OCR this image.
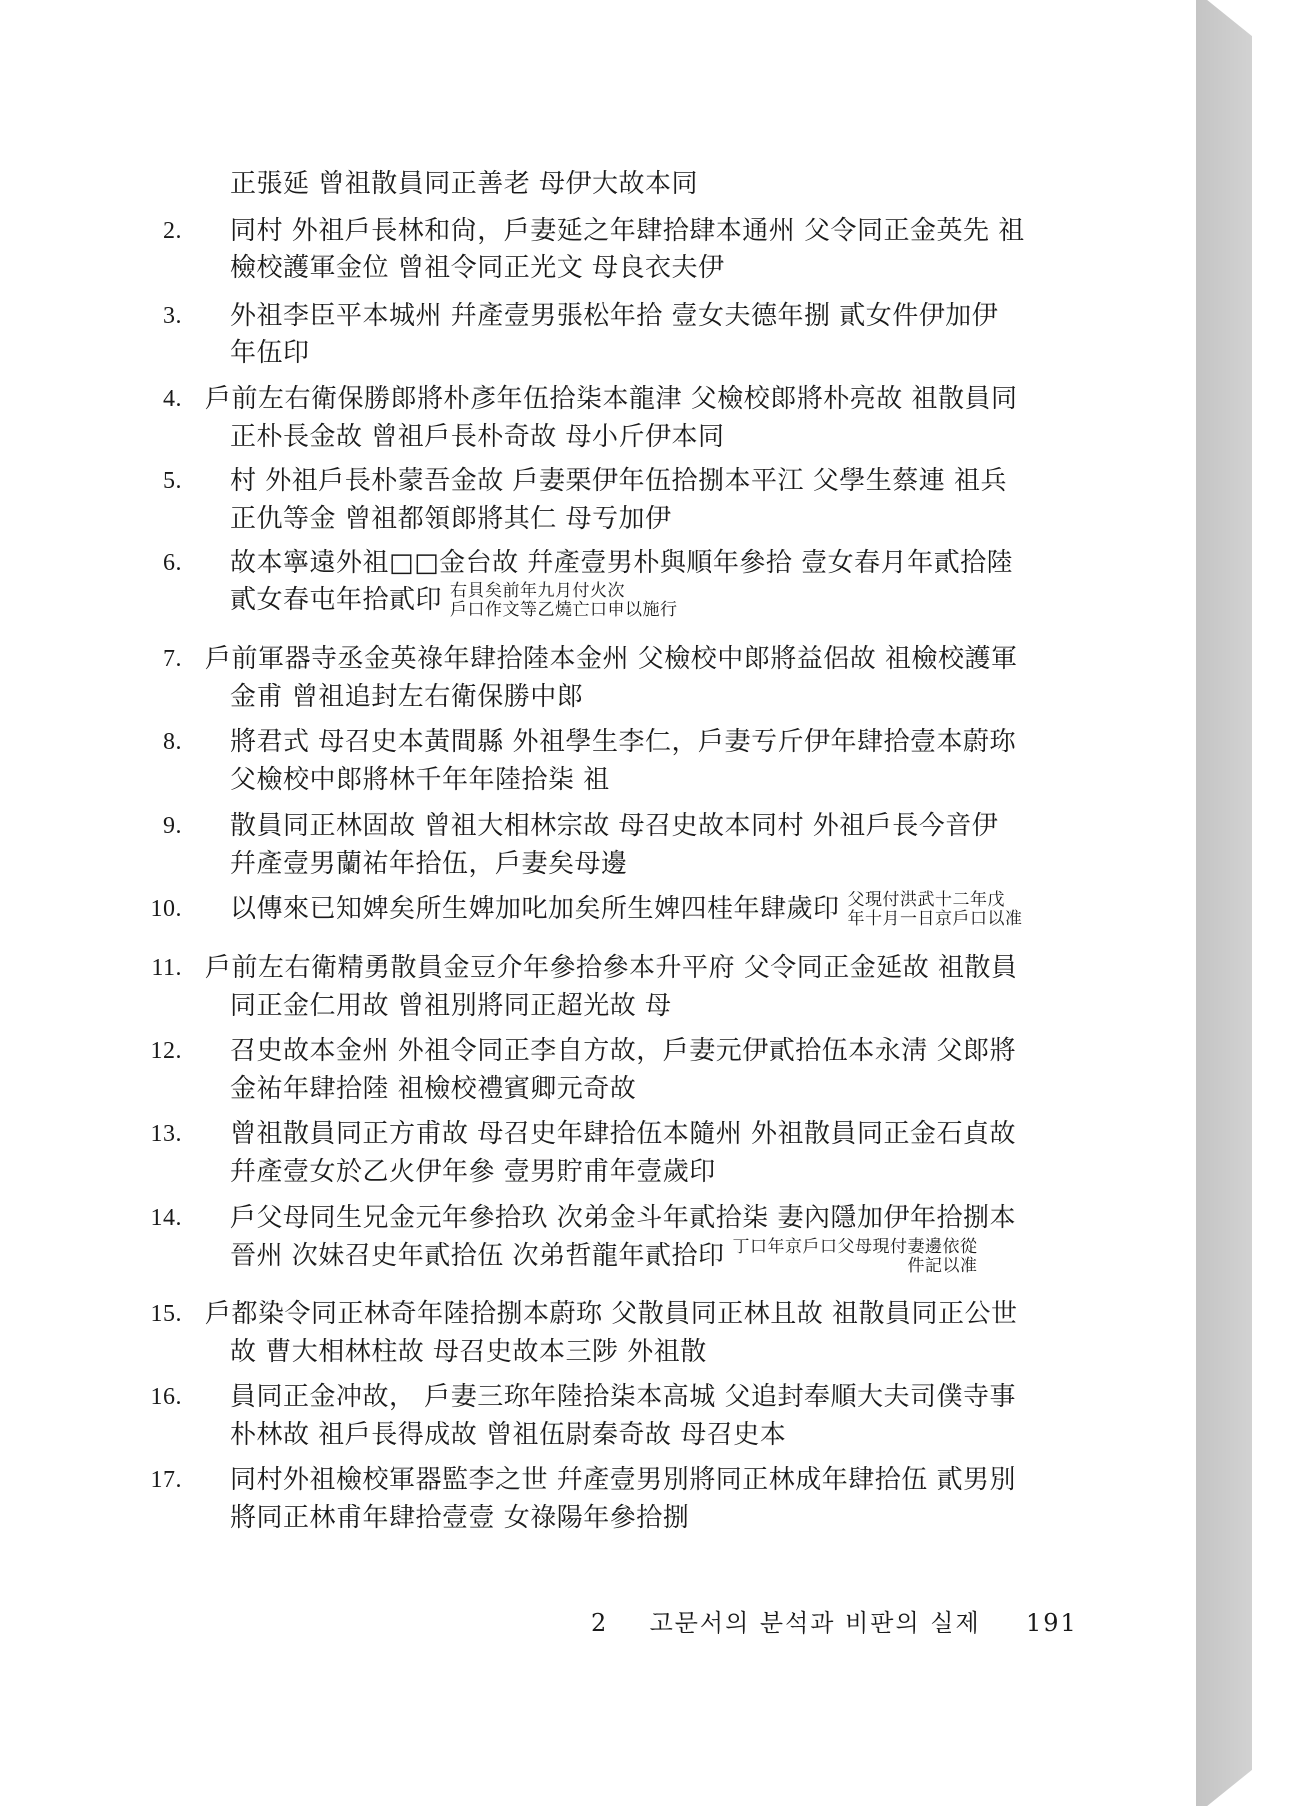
正張延 曾祖散員同正善老 母伊大故本同
2. 同村 外祖戶長林和尙，戶妻延之年肆拾肆本通州 父令同正金英先 祖
檢校護軍金位 曾祖令同正光文 母良衣夫伊
3. 外祖李臣平本城州 幷產壹男張松年拾 壹女夫德年捌 貳女件伊加伊
年伍印
4. 戶前左右衛保勝郞將朴彥年伍拾柒本龍津 父檢校郞將朴亮故 祖散員同
正朴長金故 曾祖戶長朴奇故 母小斤伊本同
5. 村 外祖戶長朴蒙吾金故 戶妻栗伊年伍拾捌本平江 父學生蔡連 祖兵
正仇等金 曾祖都領郞將其仁 母亐加伊
6. 故本寧遠外祖□□金台故 幷產壹男朴與順年參拾 壹女春月年貳拾陸
貳女春屯年拾貳印 右貝矣前年九月付火次
戶口作文等乙燒亡口申以施行
7. 戶前軍器寺丞金英祿年肆拾陸本金州 父檢校中郞將益侶故 祖檢校護軍
金甫 曾祖追封左右衛保勝中郞
8. 將君式 母召史本黃間縣 外祖學生李仁，戶妻亐斤伊年肆拾壹本蔚珎
父檢校中郞將林千年年陸拾柒 祖
9. 散員同正林固故 曾祖大相林宗故 母召史故本同村 外祖戶長今音伊
幷產壹男蘭祐年拾伍，戶妻矣母邊
10. 以傳來已知婢矣所生婢加叱加矣所生婢四桂年肆歲印 父現付洪武十二年戊
年十月一日京戶口以准
11. 戶前左右衛精勇散員金豆介年參拾參本升平府 父令同正金延故 祖散員
同正金仁用故 曾祖別將同正超光故 母
12. 召史故本金州 外祖令同正李自方故，戶妻元伊貳拾伍本永淸 父郞將
金祐年肆拾陸 祖檢校禮賓卿元奇故
13. 曾祖散員同正方甫故 母召史年肆拾伍本隨州 外祖散員同正金石貞故
幷產壹女於乙火伊年參 壹男貯甫年壹歲印
14. 戶父母同生兄金元年參拾玖 次弟金斗年貳拾柒 妻內隱加伊年拾捌本
晉州 次妹召史年貳拾伍 次弟哲龍年貳拾印 丁口年京戶口父母現付妻邊依從
件記以准
15. 戶都染令同正林奇年陸拾捌本蔚珎 父散員同正林且故 祖散員同正公世
故 曹大相林柱故 母召史故本三陟 外祖散
16. 員同正金冲故， 戶妻三珎年陸拾柒本高城 父追封奉順大夫司僕寺事
朴林故 祖戶長得成故 曾祖伍尉秦奇故 母召史本
17. 同村外祖檢校軍器監李之世 幷產壹男別將同正林成年肆拾伍 貳男別
將同正林甫年肆拾壹壹 女祿陽年參拾捌
2 고문서의 분석과 비판의 실제 191
